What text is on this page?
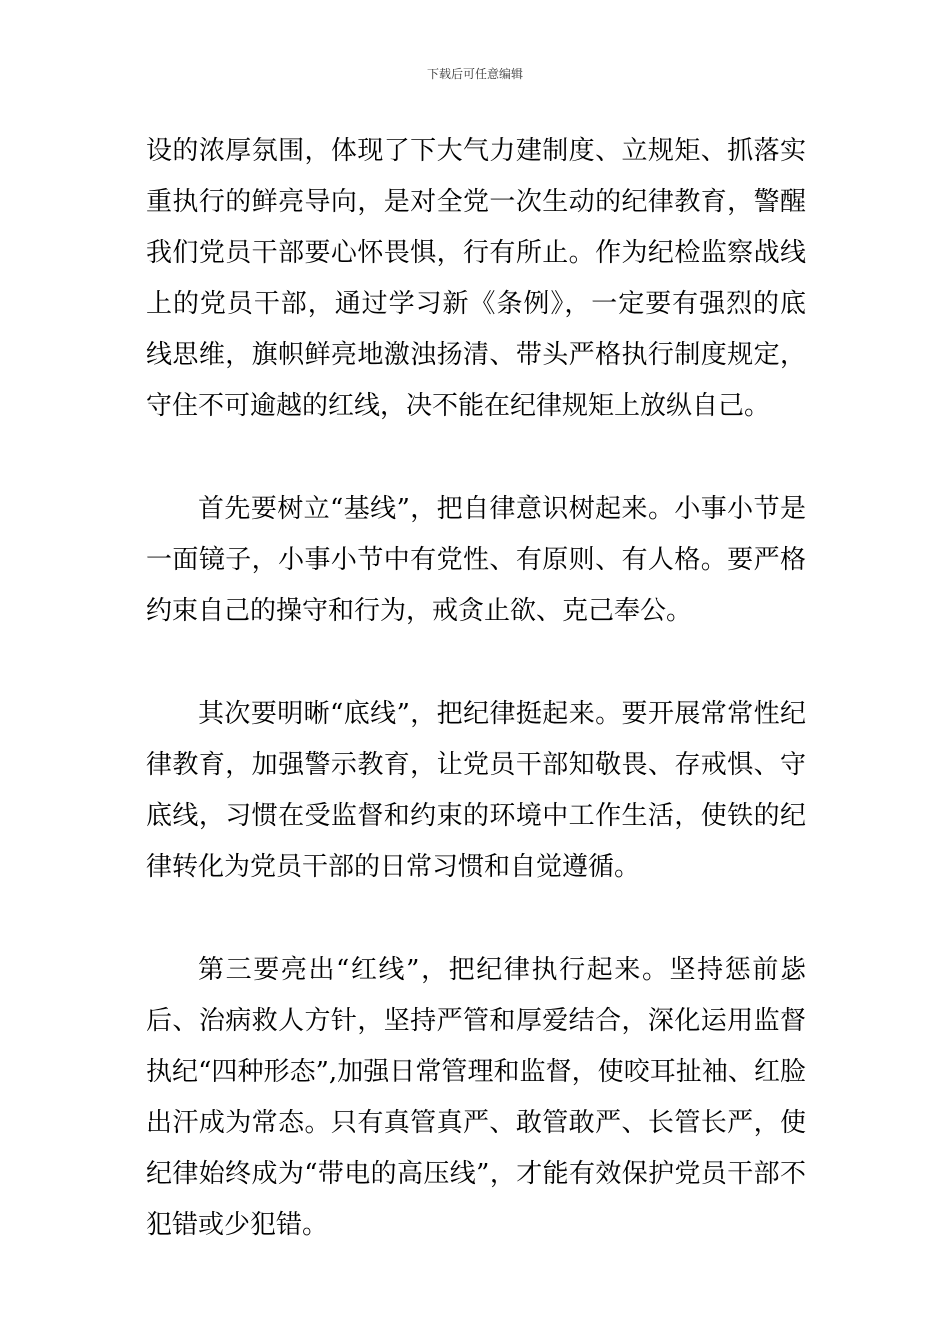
下载后可任意编辑

设的浓厚氛围，体现了下大气力建制度、立规矩、抓落实重执行的鲜亮导向，是对全党一次生动的纪律教育，警醒我们党员干部要心怀畏惧，行有所止。作为纪检监察战线上的党员干部，通过学习新《条例》，一定要有强烈的底线思维，旗帜鲜亮地激浊扬清、带头严格执行制度规定，守住不可逾越的红线，决不能在纪律规矩上放纵自己。

首先要树立“基线”，把自律意识树起来。小事小节是一面镜子，小事小节中有党性、有原则、有人格。要严格约束自己的操守和行为，戒贪止欲、克己奉公。

其次要明晰“底线”，把纪律挺起来。要开展常常性纪律教育，加强警示教育，让党员干部知敬畏、存戒惧、守底线，习惯在受监督和约束的环境中工作生活，使铁的纪律转化为党员干部的日常习惯和自觉遵循。

第三要亮出“红线”，把纪律执行起来。坚持惩前毖后、治病救人方针，坚持严管和厚爱结合，深化运用监督执纪“四种形态”,加强日常管理和监督，使咬耳扯袖、红脸出汗成为常态。只有真管真严、敢管敢严、长管长严，使纪律始终成为“带电的高压线”，才能有效保护党员干部不犯错或少犯错。
